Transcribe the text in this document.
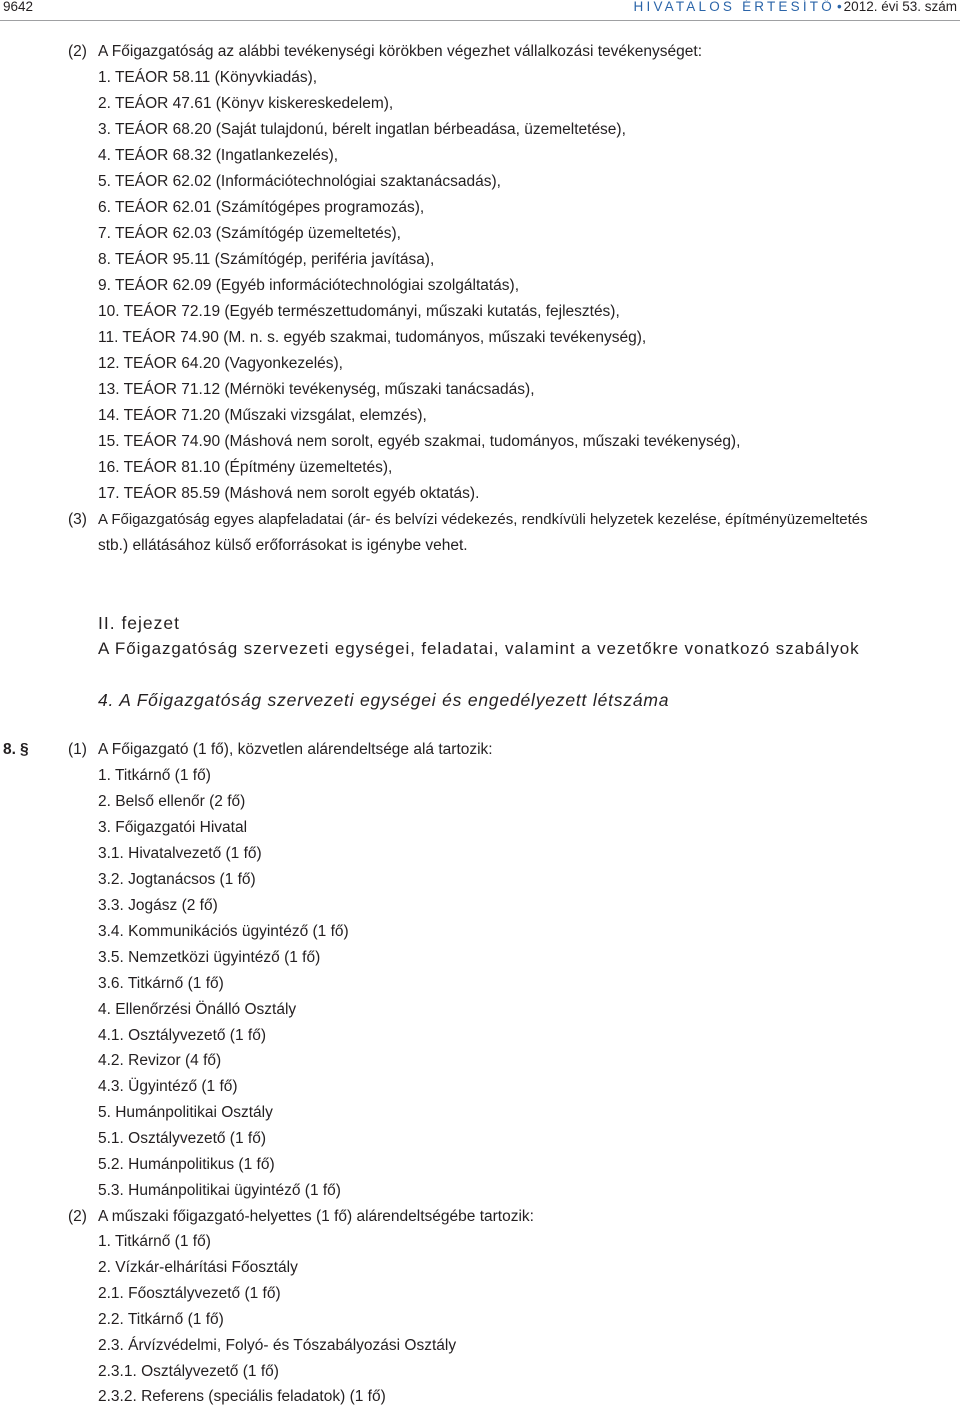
9642	HIVATALOS ÉRTESÍTŐ • 2012. évi 53. szám
(2) A Főigazgatóság az alábbi tevékenységi körökben végezhet vállalkozási tevékenységet:
1. TEÁOR 58.11 (Könyvkiadás),
2. TEÁOR 47.61 (Könyv kiskereskedelem),
3. TEÁOR 68.20 (Saját tulajdonú, bérelt ingatlan bérbeadása, üzemeltetése),
4. TEÁOR 68.32 (Ingatlankezelés),
5. TEÁOR 62.02 (Információtechnológiai szaktanácsadás),
6. TEÁOR 62.01 (Számítógépes programozás),
7. TEÁOR 62.03 (Számítógép üzemeltetés),
8. TEÁOR 95.11 (Számítógép, periféria javítása),
9. TEÁOR 62.09 (Egyéb információtechnológiai szolgáltatás),
10. TEÁOR 72.19 (Egyéb természettudományi, műszaki kutatás, fejlesztés),
11. TEÁOR 74.90 (M. n. s. egyéb szakmai, tudományos, műszaki tevékenység),
12. TEÁOR 64.20 (Vagyonkezelés),
13. TEÁOR 71.12 (Mérnöki tevékenység, műszaki tanácsadás),
14. TEÁOR 71.20 (Műszaki vizsgálat, elemzés),
15. TEÁOR 74.90 (Máshová nem sorolt, egyéb szakmai, tudományos, műszaki tevékenység),
16. TEÁOR 81.10 (Építmény üzemeltetés),
17. TEÁOR 85.59 (Máshová nem sorolt egyéb oktatás).
(3) A Főigazgatóság egyes alapfeladatai (ár- és belvízi védekezés, rendkívüli helyzetek kezelése, építményüzemeltetés
stb.) ellátásához külső erőforrásokat is igénybe vehet.
II. fejezet
A Főigazgatóság szervezeti egységei, feladatai, valamint a vezetőkre vonatkozó szabályok
4. A Főigazgatóság szervezeti egységei és engedélyezett létszáma
8. §	(1) A Főigazgató (1 fő), közvetlen alárendeltsége alá tartozik:
1. Titkárnő (1 fő)
2. Belső ellenőr (2 fő)
3. Főigazgatói Hivatal
3.1. Hivatalvezető (1 fő)
3.2. Jogtanácsos (1 fő)
3.3. Jogász (2 fő)
3.4. Kommunikációs ügyintéző (1 fő)
3.5. Nemzetközi ügyintéző (1 fő)
3.6. Titkárnő (1 fő)
4. Ellenőrzési Önálló Osztály
4.1. Osztályvezető (1 fő)
4.2. Revizor (4 fő)
4.3. Ügyintéző (1 fő)
5. Humánpolitikai Osztály
5.1. Osztályvezető (1 fő)
5.2. Humánpolitikus (1 fő)
5.3. Humánpolitikai ügyintéző (1 fő)
(2) A műszaki főigazgató-helyettes (1 fő) alárendeltségébe tartozik:
1. Titkárnő (1 fő)
2. Vízkár-elhárítási Főosztály
2.1. Főosztályvezető (1 fő)
2.2. Titkárnő (1 fő)
2.3. Árvízvédelmi, Folyó- és Tószabályozási Osztály
2.3.1. Osztályvezető (1 fő)
2.3.2. Referens (speciális feladatok) (1 fő)
